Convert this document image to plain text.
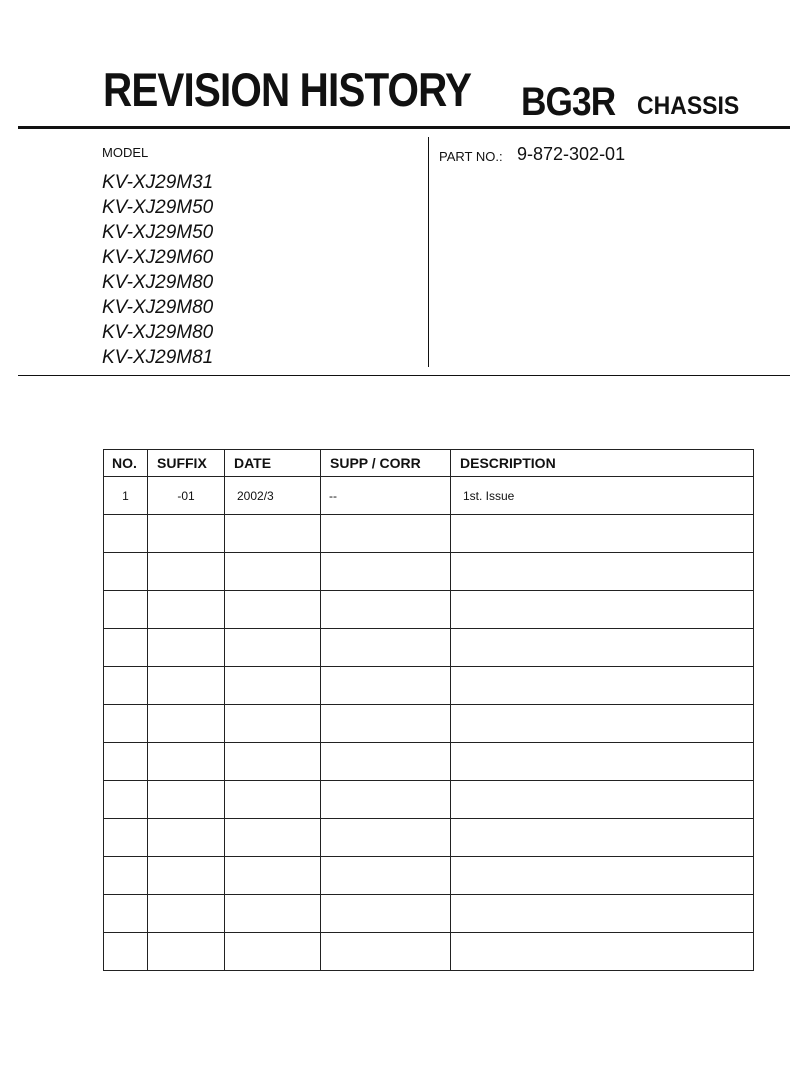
REVISION HISTORY BG3R CHASSIS
MODEL
KV-XJ29M31
KV-XJ29M50
KV-XJ29M50
KV-XJ29M60
KV-XJ29M80
KV-XJ29M80
KV-XJ29M80
KV-XJ29M81
PART NO.: 9-872-302-01
NO.	SUFFIX	DATE	SUPP / CORR	DESCRIPTION
1	-01	2002/3	--	1st. Issue
